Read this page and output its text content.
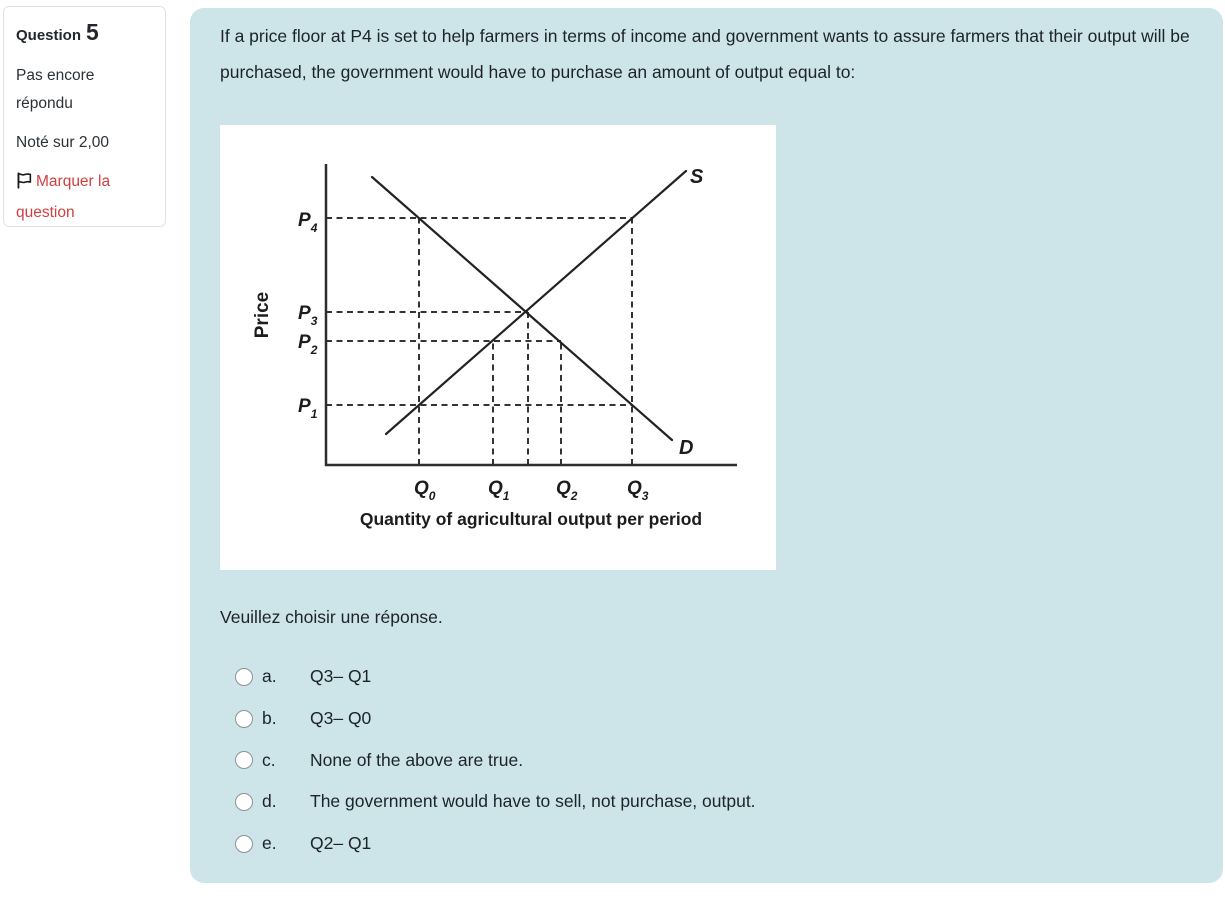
Question 5
Pas encore répondu
Noté sur 2,00
Marquer la question
If a price floor at P4 is set to help farmers in terms of income and government wants to assure farmers that their output will be purchased, the government would have to purchase an amount of output equal to:
S
D
$P_4$
$P_3$
$P_2$
$P_1$
$Q_0$	$Q_1$ $Q_2$	$Q_3$
Price
Quantity of agricultural output per period
Veuillez choisir une réponse.
a.	Q3– Q1
b.	Q3– Q0
c.	None of the above are true.
d.	The government would have to sell, not purchase, output.
e.	Q2– Q1
